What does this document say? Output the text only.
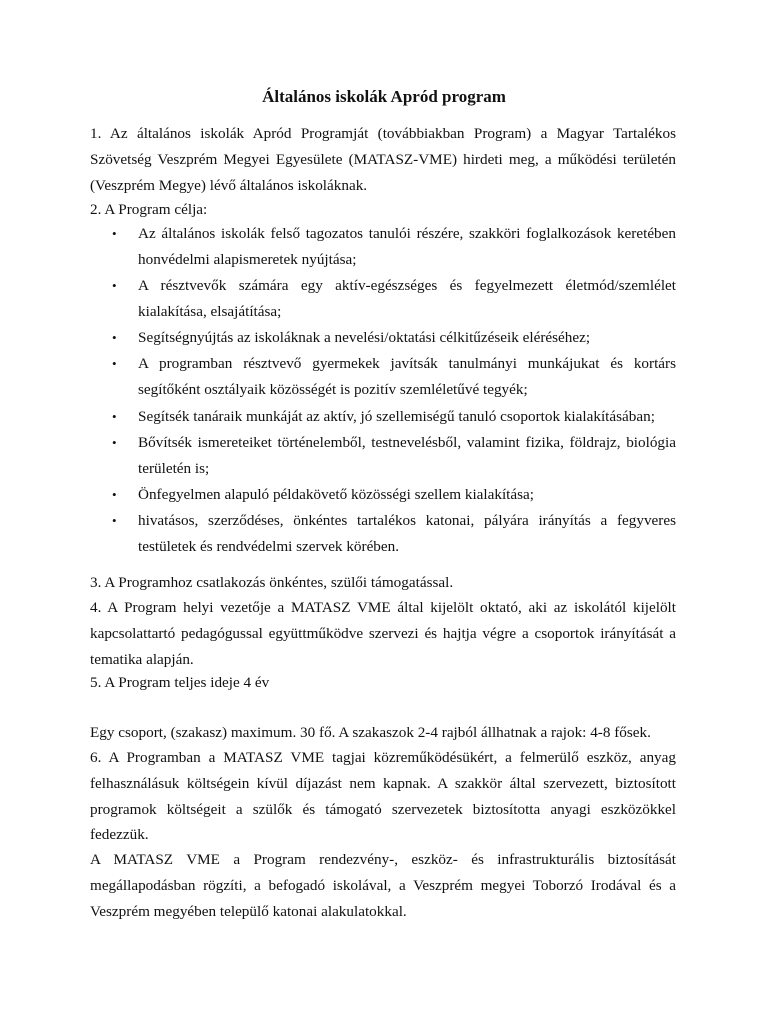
Általános iskolák Apród program

1. Az általános iskolák Apród Programját (továbbiakban Program) a Magyar Tartalékos Szövetség Veszprém Megyei Egyesülete (MATASZ-VME) hirdeti meg, a működési területén (Veszprém Megye) lévő általános iskoláknak.

2. A Program célja:

• Az általános iskolák felső tagozatos tanulói részére, szakköri foglalkozások keretében honvédelmi alapismeretek nyújtása;
• A résztvevők számára egy aktív-egészséges és fegyelmezett életmód/szemlélet kialakítása, elsajátítása;
• Segítségnyújtás az iskoláknak a nevelési/oktatási célkitűzéseik eléréséhez;
• A programban résztvevő gyermekek javítsák tanulmányi munkájukat és kortárs segítőként osztályaik közösségét is pozitív szemléletűvé tegyék;
• Segítsék tanáraik munkáját az aktív, jó szellemiségű tanuló csoportok kialakításában;
• Bővítsék ismereteiket történelemből, testnevelésből, valamint fizika, földrajz, biológia területén is;
• Önfegyelmen alapuló példakövető közösségi szellem kialakítása;
• hivatásos, szerződéses, önkéntes tartalékos katonai, pályára irányítás a fegyveres testületek és rendvédelmi szervek körében.

3. A Programhoz csatlakozás önkéntes, szülői támogatással.

4. A Program helyi vezetője a MATASZ VME által kijelölt oktató, aki az iskolától kijelölt kapcsolattartó pedagógussal együttműködve szervezi és hajtja végre a csoportok irányítását a tematika alapján.

5. A Program teljes ideje 4 év

Egy csoport, (szakasz) maximum. 30 fő. A szakaszok 2-4 rajból állhatnak a rajok: 4-8 fősek.

6. A Programban a MATASZ VME tagjai közreműködésükért, a felmerülő eszköz, anyag felhasználásuk költségein kívül díjazást nem kapnak. A szakkör által szervezett, biztosított programok költségeit a szülők és támogató szervezetek biztosította anyagi eszközökkel fedezzük.

A MATASZ VME a Program rendezvény-, eszköz- és infrastrukturális biztosítását megállapodásban rögzíti, a befogadó iskolával, a Veszprém megyei Toborzó Irodával és a Veszprém megyében települő katonai alakulatokkal.
